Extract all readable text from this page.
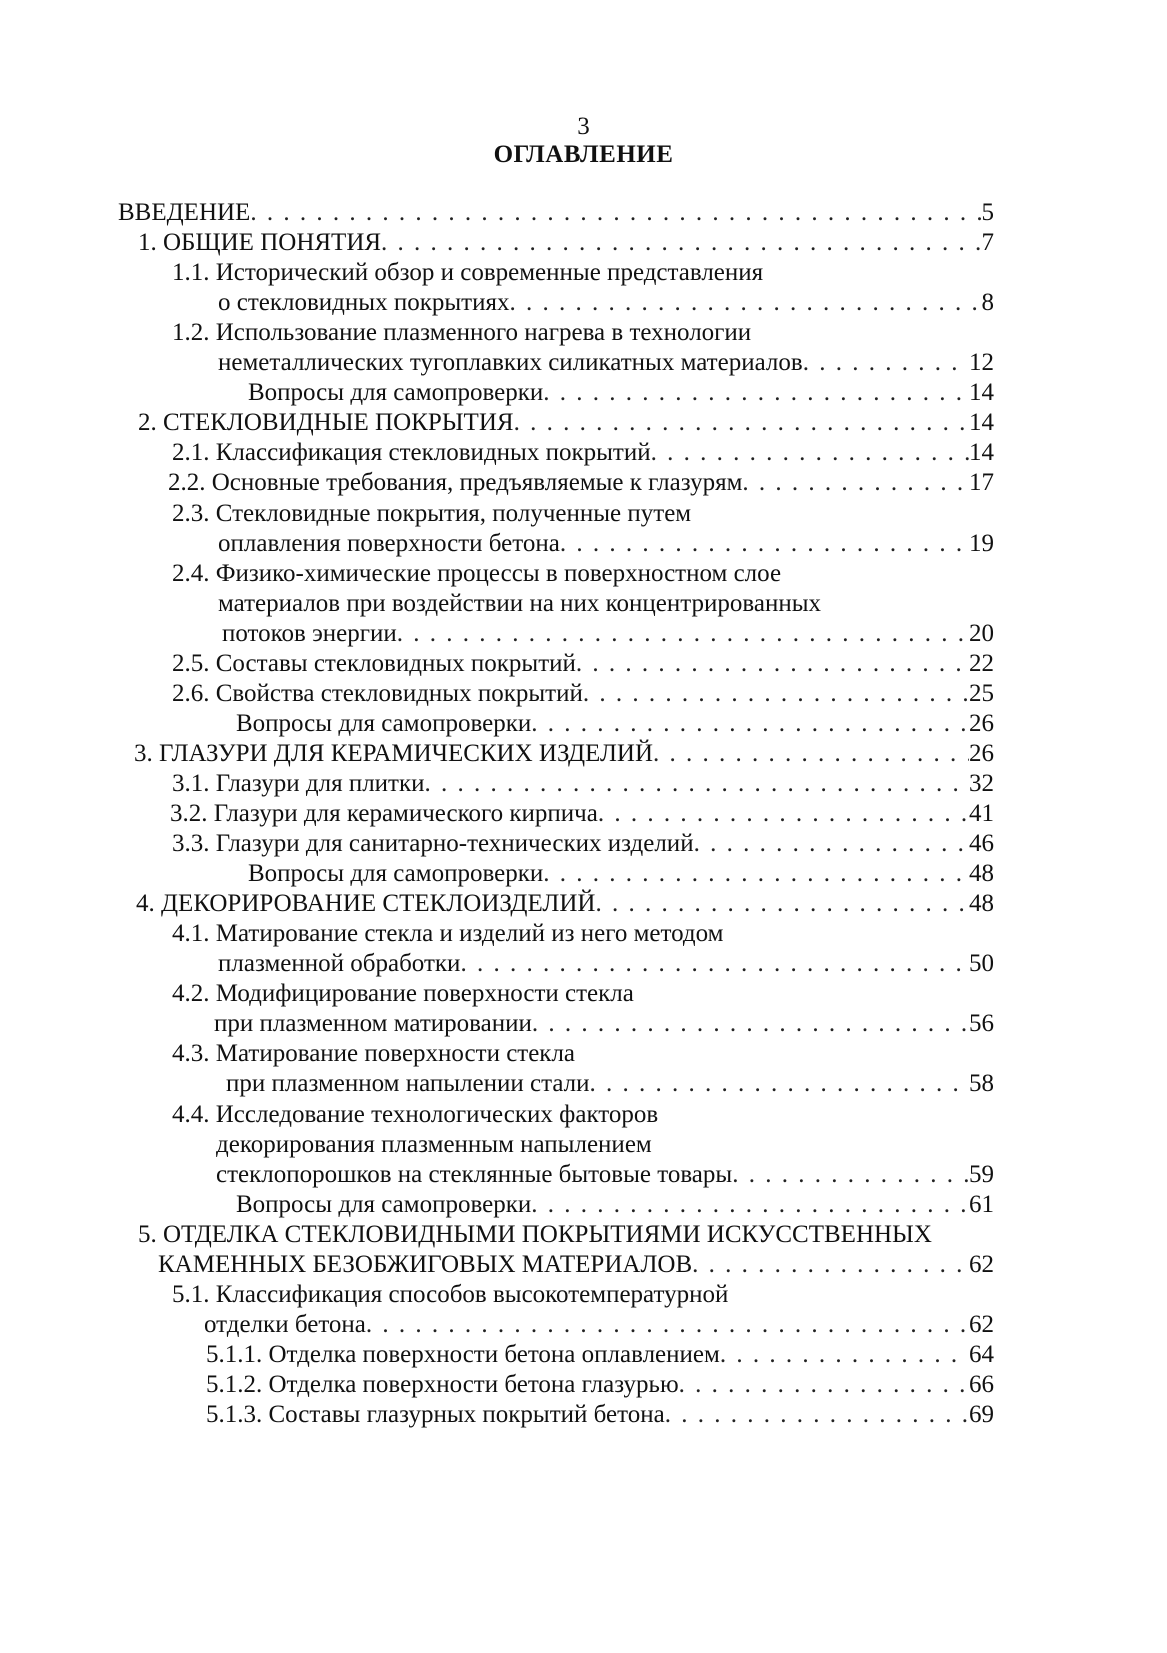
3
ОГЛАВЛЕНИЕ
ВВЕДЕНИЕ . . .	5
1. ОБЩИЕ ПОНЯТИЯ . . .	7
1.1. Исторический обзор и современные представления
о стекловидных покрытиях . . .	8
1.2. Использование плазменного нагрева в технологии
неметаллических тугоплавких силикатных материалов . . .	12
Вопросы для самопроверки . . .	14
2. СТЕКЛОВИДНЫЕ ПОКРЫТИЯ . . .	14
2.1. Классификация стекловидных покрытий . . .	14
2.2. Основные требования, предъявляемые к глазурям . . .	17
2.3. Стекловидные покрытия, полученные путем
оплавления поверхности бетона . . .	19
2.4. Физико-химические процессы в поверхностном слое
материалов при воздействии на них концентрированных
потоков энергии . . .	20
2.5. Составы стекловидных покрытий . . .	22
2.6. Свойства стекловидных покрытий . . .	25
Вопросы для самопроверки . . .	26
3. ГЛАЗУРИ ДЛЯ КЕРАМИЧЕСКИХ ИЗДЕЛИЙ . . .	26
3.1. Глазури для плитки . . .	32
3.2. Глазури для керамического кирпича . . .	41
3.3. Глазури для санитарно-технических изделий . . .	46
Вопросы для самопроверки . . .	48
4. ДЕКОРИРОВАНИЕ СТЕКЛОИЗДЕЛИЙ . . .	48
4.1. Матирование стекла и изделий из него методом
плазменной обработки . . .	50
4.2. Модифицирование поверхности стекла
при плазменном матировании . . .	56
4.3. Матирование поверхности стекла
при плазменном напылении стали . . .	58
4.4. Исследование технологических факторов
декорирования плазменным напылением
стеклопорошков на стеклянные бытовые товары . . .	59
Вопросы для самопроверки . . .	61
5. ОТДЕЛКА СТЕКЛОВИДНЫМИ ПОКРЫТИЯМИ ИСКУССТВЕННЫХ
КАМЕННЫХ БЕЗОБЖИГОВЫХ МАТЕРИАЛОВ . . .	62
5.1. Классификация способов высокотемпературной
отделки бетона . . .	62
5.1.1. Отделка поверхности бетона оплавлением . . .	64
5.1.2. Отделка поверхности бетона глазурью . . .	66
5.1.3. Составы глазурных покрытий бетона . . .	69
